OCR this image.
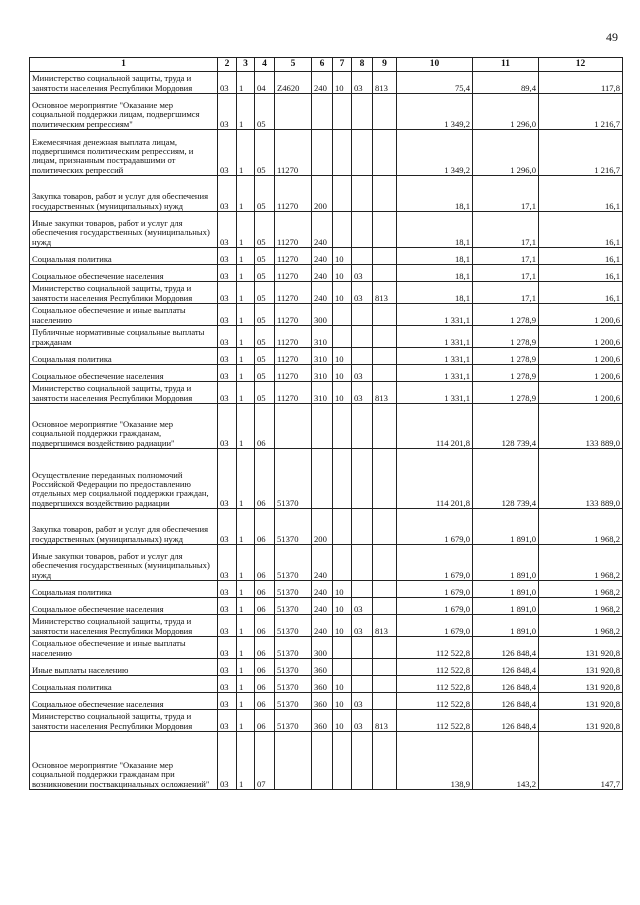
49
1	2	3	4	5	6	7	8	9	10	11	12
Министерство социальной защиты, труда и занятости населения Республики Мордовия	03	1	04	Z4620	240	10	03	813	75,4	89,4	117,8
Основное мероприятие "Оказание мер социальной поддержки лицам, подвергшимся политическим репрессиям"	03	1	05						1 349,2	1 296,0	1 216,7
Ежемесячная денежная выплата лицам, подвергшимся политическим репрессиям, и лицам, признанным пострадавшими от политических репрессий	03	1	05	11270					1 349,2	1 296,0	1 216,7
Закупка товаров, работ и услуг для обеспечения государственных (муниципальных) нужд	03	1	05	11270	200				18,1	17,1	16,1
Иные закупки товаров, работ и услуг для обеспечения государственных (муниципальных) нужд	03	1	05	11270	240				18,1	17,1	16,1
Социальная политика	03	1	05	11270	240	10			18,1	17,1	16,1
Социальное обеспечение населения	03	1	05	11270	240	10	03		18,1	17,1	16,1
Министерство социальной защиты, труда и занятости населения Республики Мордовия	03	1	05	11270	240	10	03	813	18,1	17,1	16,1
Социальное обеспечение и иные выплаты населению	03	1	05	11270	300				1 331,1	1 278,9	1 200,6
Публичные нормативные социальные выплаты гражданам	03	1	05	11270	310				1 331,1	1 278,9	1 200,6
Социальная политика	03	1	05	11270	310	10			1 331,1	1 278,9	1 200,6
Социальное обеспечение населения	03	1	05	11270	310	10	03		1 331,1	1 278,9	1 200,6
Министерство социальной защиты, труда и занятости населения Республики Мордовия	03	1	05	11270	310	10	03	813	1 331,1	1 278,9	1 200,6
Основное мероприятие "Оказание мер социальной поддержки гражданам, подвергшимся воздействию радиации"	03	1	06						114 201,8	128 739,4	133 889,0
Осуществление переданных полномочий Российской Федерации по предоставлению отдельных мер социальной поддержки граждан, подвергшихся воздействию радиации	03	1	06	51370					114 201,8	128 739,4	133 889,0
Закупка товаров, работ и услуг для обеспечения государственных (муниципальных) нужд	03	1	06	51370	200				1 679,0	1 891,0	1 968,2
Иные закупки товаров, работ и услуг для обеспечения государственных (муниципальных) нужд	03	1	06	51370	240				1 679,0	1 891,0	1 968,2
Социальная политика	03	1	06	51370	240	10			1 679,0	1 891,0	1 968,2
Социальное обеспечение населения	03	1	06	51370	240	10	03		1 679,0	1 891,0	1 968,2
Министерство социальной защиты, труда и занятости населения Республики Мордовия	03	1	06	51370	240	10	03	813	1 679,0	1 891,0	1 968,2
Социальное обеспечение и иные выплаты населению	03	1	06	51370	300				112 522,8	126 848,4	131 920,8
Иные выплаты населению	03	1	06	51370	360				112 522,8	126 848,4	131 920,8
Социальная политика	03	1	06	51370	360	10			112 522,8	126 848,4	131 920,8
Социальное обеспечение населения	03	1	06	51370	360	10	03		112 522,8	126 848,4	131 920,8
Министерство социальной защиты, труда и занятости населения Республики Мордовия	03	1	06	51370	360	10	03	813	112 522,8	126 848,4	131 920,8
Основное мероприятие "Оказание мер социальной поддержки гражданам при возникновении поствакцинальных осложнений"	03	1	07						138,9	143,2	147,7
